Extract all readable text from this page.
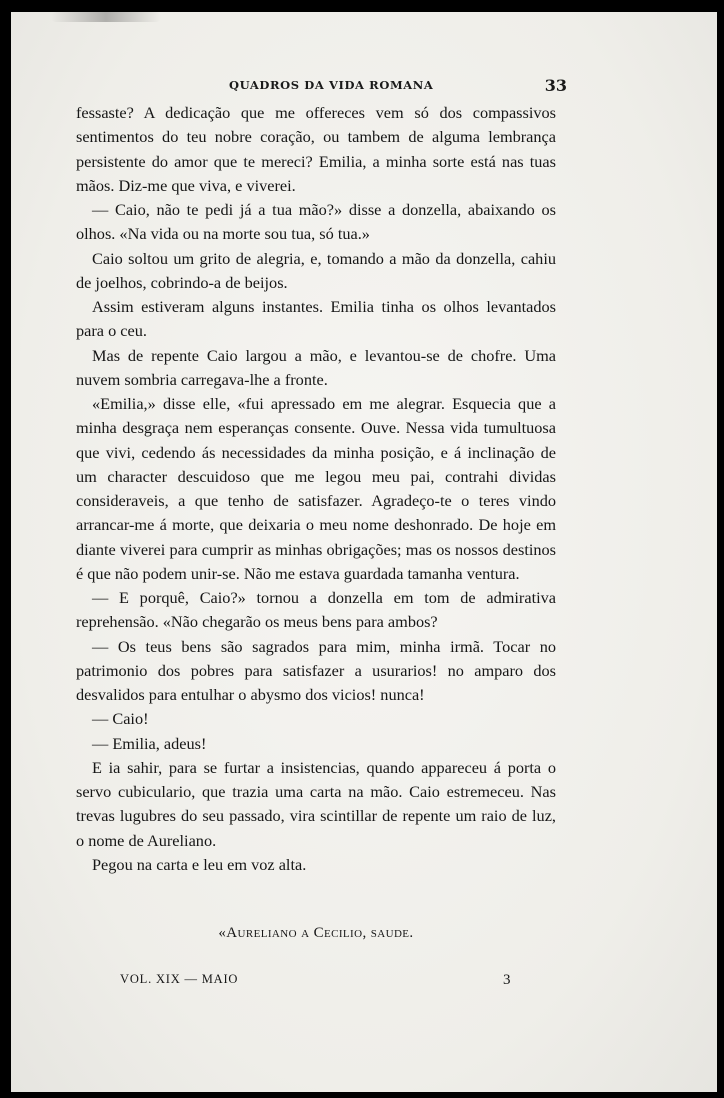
QUADROS DA VIDA ROMANA	33

fessaste? A dedicação que me offereces vem só dos compassivos sentimentos do teu nobre coração, ou tambem de alguma lembrança persistente do amor que te mereci? Emilia, a minha sorte está nas tuas mãos. Diz-me que viva, e viverei.

— Caio, não te pedi já a tua mão?» disse a donzella, abaixando os olhos. «Na vida ou na morte sou tua, só tua.»

Caio soltou um grito de alegria, e, tomando a mão da donzella, cahiu de joelhos, cobrindo-a de beijos.

Assim estiveram alguns instantes. Emilia tinha os olhos levantados para o ceu.

Mas de repente Caio largou a mão, e levantou-se de chofre. Uma nuvem sombria carregava-lhe a fronte.

«Emilia,» disse elle, «fui apressado em me alegrar. Esquecia que a minha desgraça nem esperanças consente. Ouve. Nessa vida tumultuosa que vivi, cedendo ás necessidades da minha posição, e á inclinação de um character descuidoso que me legou meu pai, contrahi dividas consideraveis, a que tenho de satisfazer. Agradeço-te o teres vindo arrancar-me á morte, que deixaria o meu nome deshonrado. De hoje em diante viverei para cumprir as minhas obrigações; mas os nossos destinos é que não podem unir-se. Não me estava guardada tamanha ventura.

— E porquê, Caio?» tornou a donzella em tom de admirativa reprehensão. «Não chegarão os meus bens para ambos?

— Os teus bens são sagrados para mim, minha irmã. Tocar no patrimonio dos pobres para satisfazer a usurarios! no amparo dos desvalidos para entulhar o abysmo dos vicios! nunca!

— Caio!

— Emilia, adeus!

E ia sahir, para se furtar a insistencias, quando appareceu á porta o servo cubiculario, que trazia uma carta na mão. Caio estremeceu. Nas trevas lugubres do seu passado, vira scintillar de repente um raio de luz, o nome de Aureliano.

Pegou na carta e leu em voz alta.

«Aureliano a Cecilio, saude.
VOL. XIX — MAIO	3
